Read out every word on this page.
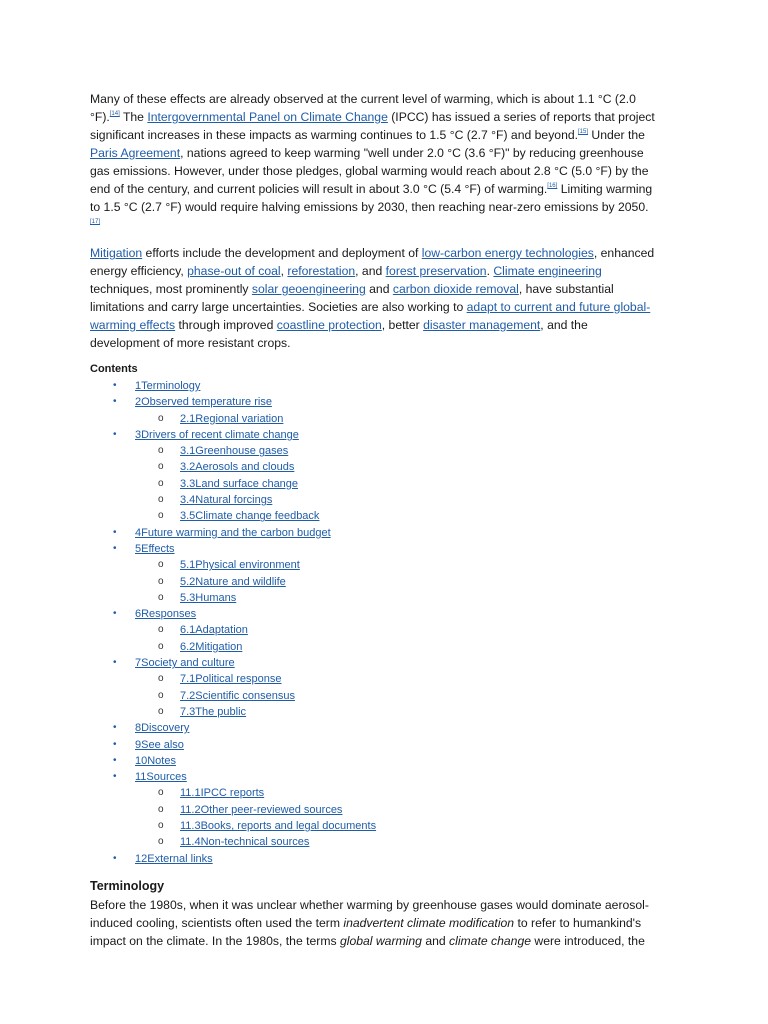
Many of these effects are already observed at the current level of warming, which is about 1.1 °C (2.0 °F).[14] The Intergovernmental Panel on Climate Change (IPCC) has issued a series of reports that project significant increases in these impacts as warming continues to 1.5 °C (2.7 °F) and beyond.[15] Under the Paris Agreement, nations agreed to keep warming "well under 2.0 °C (3.6 °F)" by reducing greenhouse gas emissions. However, under those pledges, global warming would reach about 2.8 °C (5.0 °F) by the end of the century, and current policies will result in about 3.0 °C (5.4 °F) of warming.[16] Limiting warming to 1.5 °C (2.7 °F) would require halving emissions by 2030, then reaching near-zero emissions by 2050.[17]

Mitigation efforts include the development and deployment of low-carbon energy technologies, enhanced energy efficiency, phase-out of coal, reforestation, and forest preservation. Climate engineering techniques, most prominently solar geoengineering and carbon dioxide removal, have substantial limitations and carry large uncertainties. Societies are also working to adapt to current and future global-warming effects through improved coastline protection, better disaster management, and the development of more resistant crops.

Contents
• 1Terminology
• 2Observed temperature rise
o 2.1Regional variation
• 3Drivers of recent climate change
o 3.1Greenhouse gases
o 3.2Aerosols and clouds
o 3.3Land surface change
o 3.4Natural forcings
o 3.5Climate change feedback
• 4Future warming and the carbon budget
• 5Effects
o 5.1Physical environment
o 5.2Nature and wildlife
o 5.3Humans
• 6Responses
o 6.1Adaptation
o 6.2Mitigation
• 7Society and culture
o 7.1Political response
o 7.2Scientific consensus
o 7.3The public
• 8Discovery
• 9See also
• 10Notes
• 11Sources
o 11.1IPCC reports
o 11.2Other peer-reviewed sources
o 11.3Books, reports and legal documents
o 11.4Non-technical sources
• 12External links
Terminology

Before the 1980s, when it was unclear whether warming by greenhouse gases would dominate aerosol-induced cooling, scientists often used the term inadvertent climate modification to refer to humankind's impact on the climate. In the 1980s, the terms global warming and climate change were introduced, the
